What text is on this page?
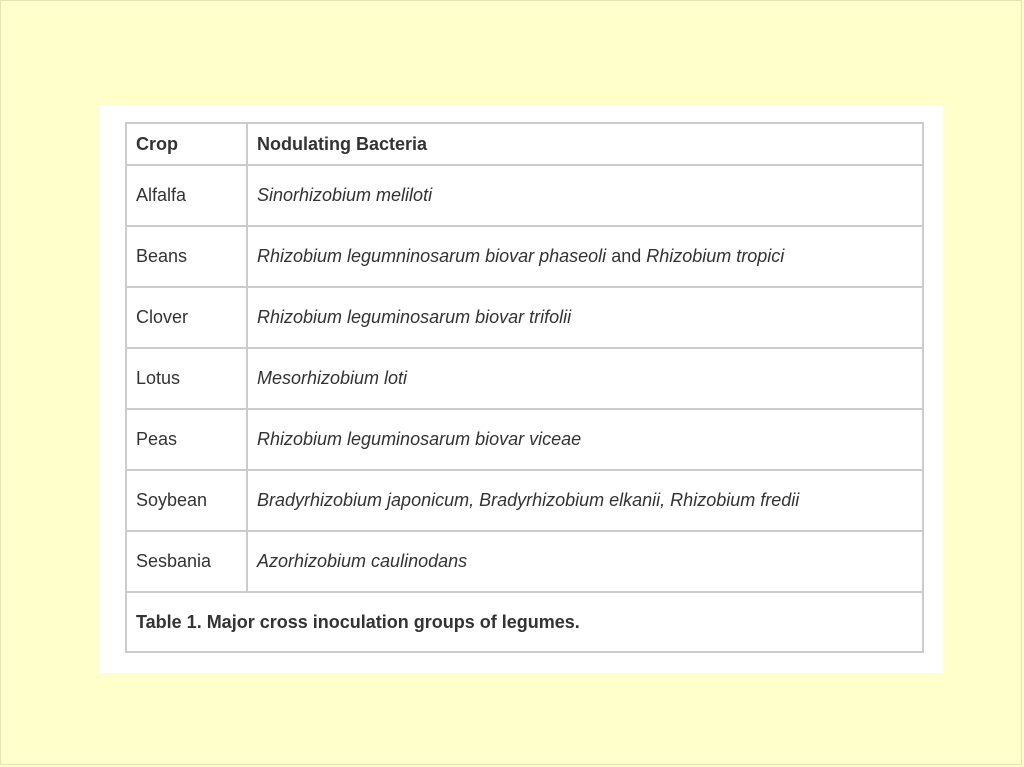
Crop	Nodulating Bacteria
Alfalfa	Sinorhizobium meliloti
Beans	Rhizobium legumninosarum biovar phaseoli and Rhizobium tropici
Clover	Rhizobium leguminosarum biovar trifolii
Lotus	Mesorhizobium loti
Peas	Rhizobium leguminosarum biovar viceae
Soybean	Bradyrhizobium japonicum, Bradyrhizobium elkanii, Rhizobium fredii
Sesbania	Azorhizobium caulinodans
Table 1. Major cross inoculation groups of legumes.	
